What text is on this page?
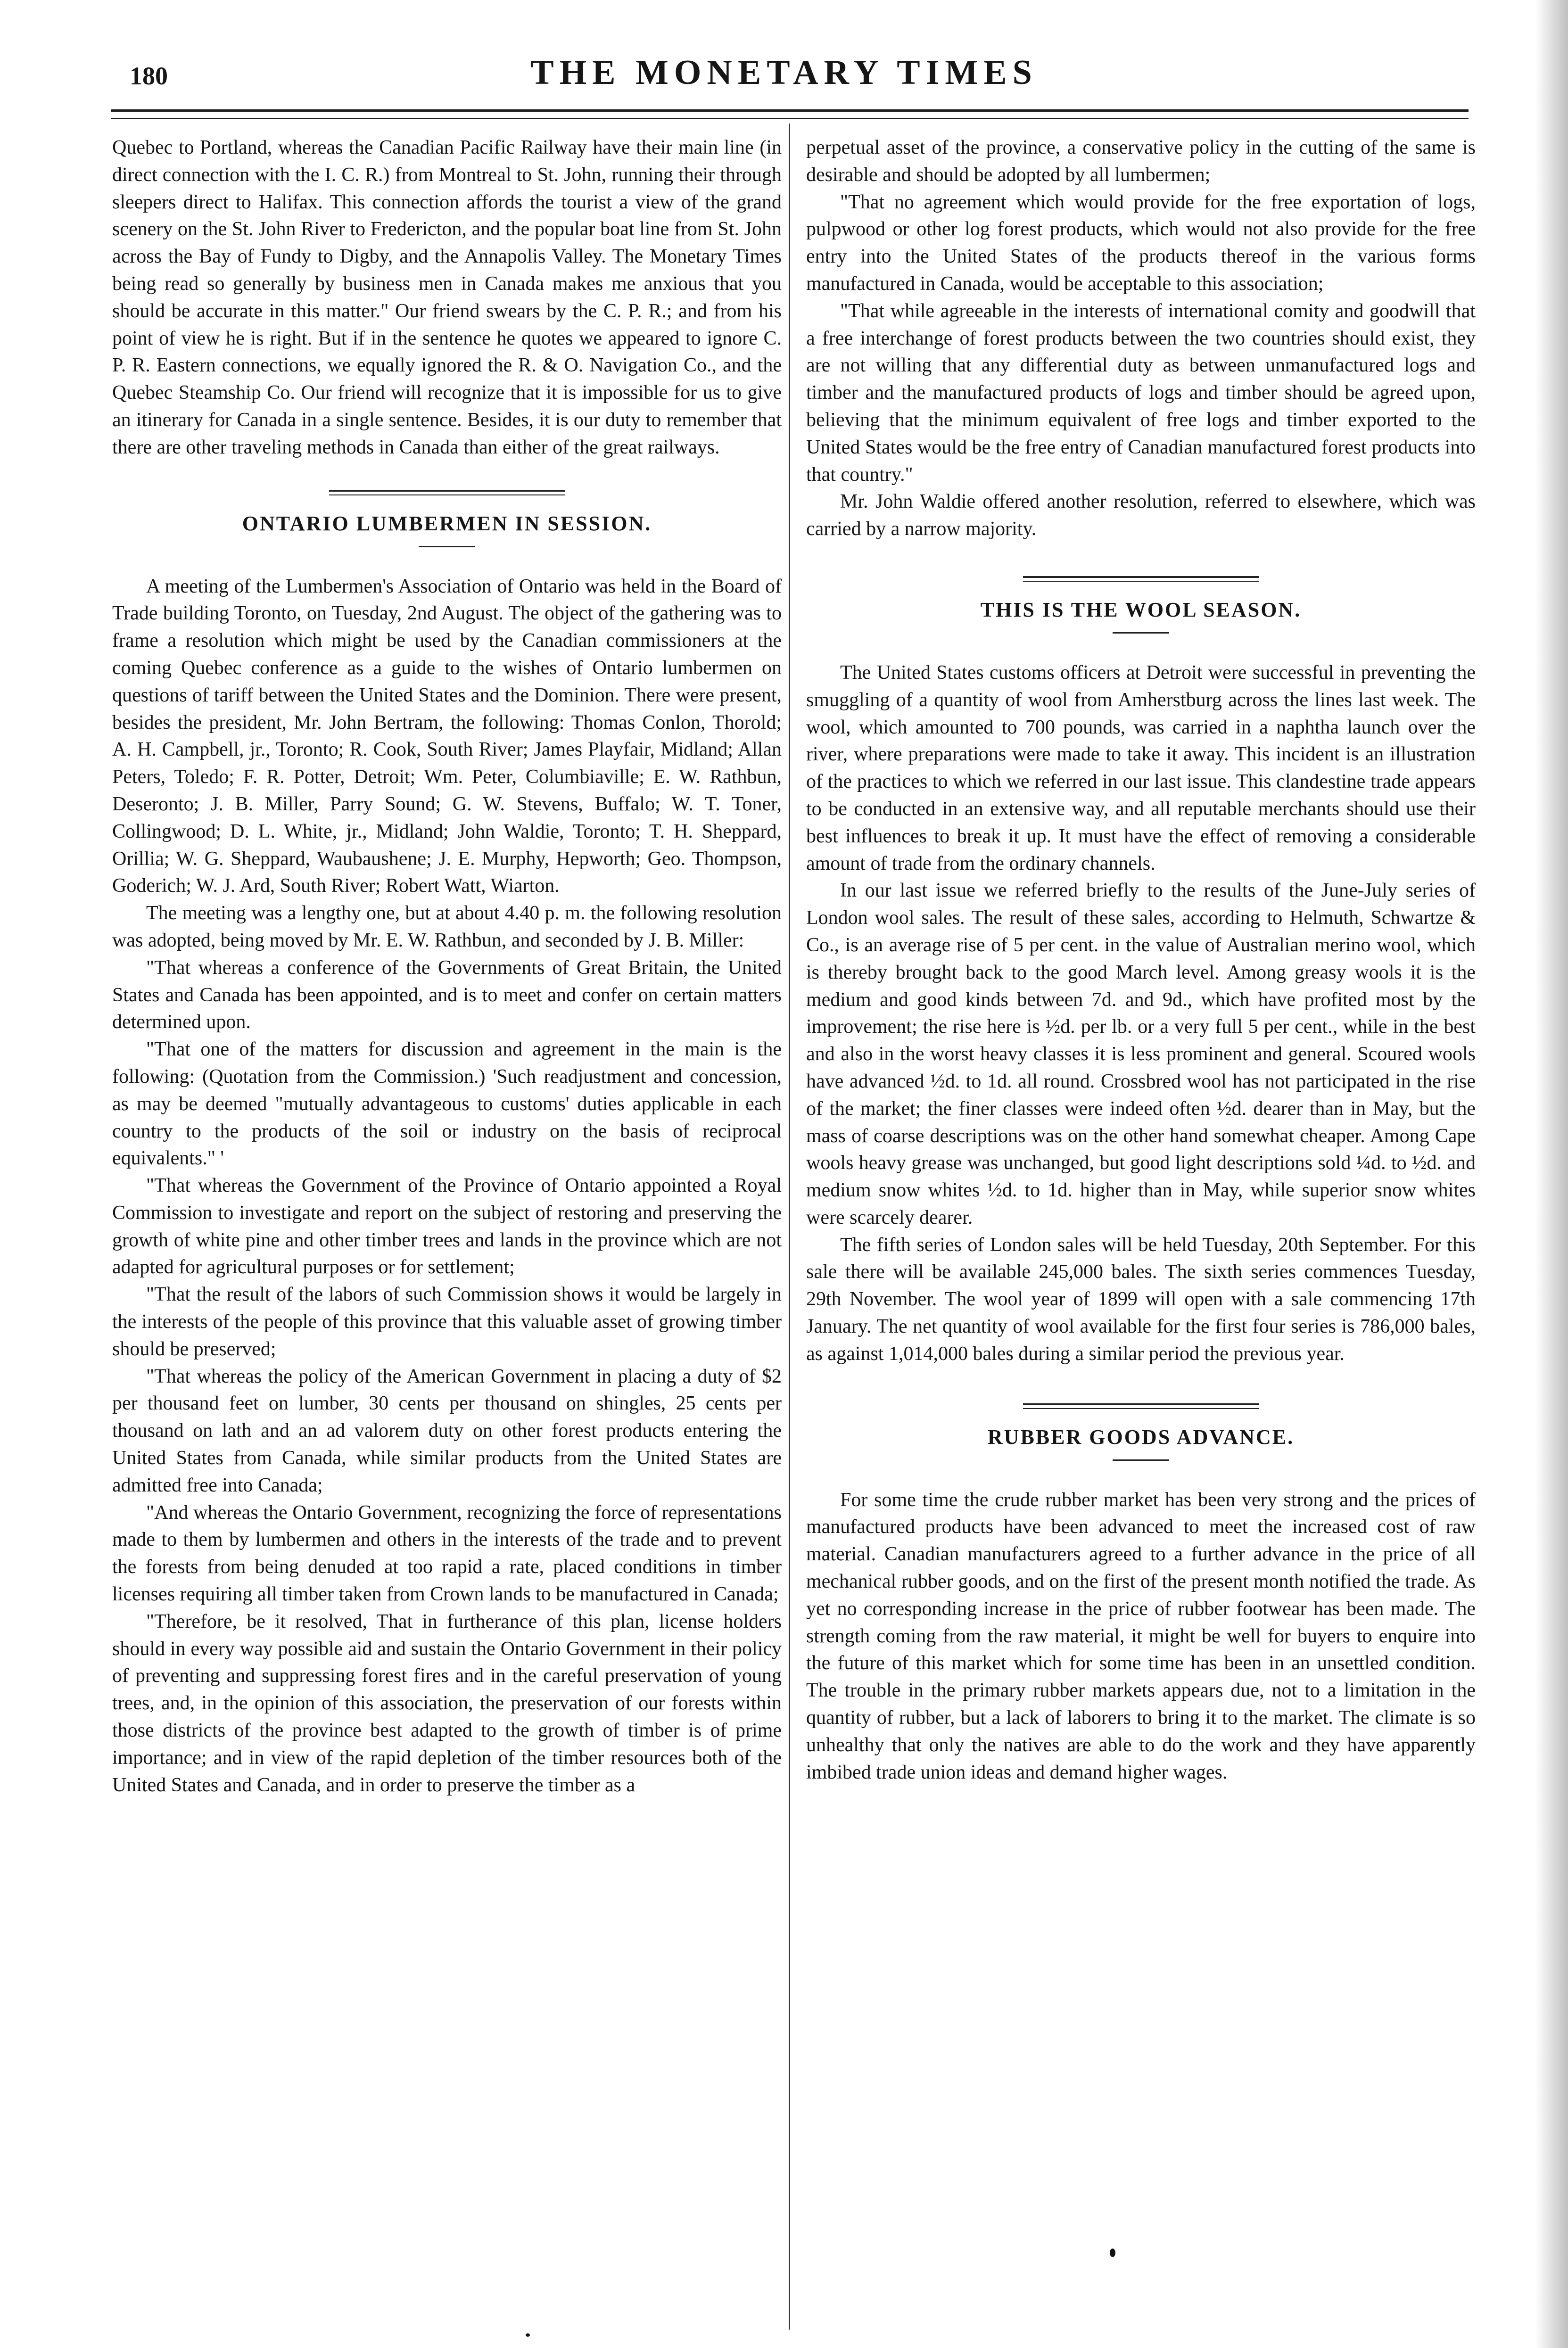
180	THE MONETARY TIMES

Quebec to Portland, whereas the Canadian Pacific Railway have their main line (in direct connection with the I. C. R.) from Montreal to St. John, running their through sleepers direct to Halifax. This connection affords the tourist a view of the grand scenery on the St. John River to Fredericton, and the popular boat line from St. John across the Bay of Fundy to Digby, and the Annapolis Valley. The Monetary Times being read so generally by business men in Canada makes me anxious that you should be accurate in this matter." Our friend swears by the C. P. R.; and from his point of view he is right. But if in the sentence he quotes we appeared to ignore C. P. R. Eastern connections, we equally ignored the R. & O. Navigation Co., and the Quebec Steamship Co. Our friend will recognize that it is impossible for us to give an itinerary for Canada in a single sentence. Besides, it is our duty to remember that there are other traveling methods in Canada than either of the great railways.

ONTARIO LUMBERMEN IN SESSION.

A meeting of the Lumbermen's Association of Ontario was held in the Board of Trade building Toronto, on Tuesday, 2nd August. The object of the gathering was to frame a resolution which might be used by the Canadian commissioners at the coming Quebec conference as a guide to the wishes of Ontario lumbermen on questions of tariff between the United States and the Dominion. There were present, besides the president, Mr. John Bertram, the following: Thomas Conlon, Thorold; A. H. Campbell, jr., Toronto; R. Cook, South River; James Playfair, Midland; Allan Peters, Toledo; F. R. Potter, Detroit; Wm. Peter, Columbiaville; E. W. Rathbun, Deseronto; J. B. Miller, Parry Sound; G. W. Stevens, Buffalo; W. T. Toner, Collingwood; D. L. White, jr., Midland; John Waldie, Toronto; T. H. Sheppard, Orillia; W. G. Sheppard, Waubaushene; J. E. Murphy, Hepworth; Geo. Thompson, Goderich; W. J. Ard, South River; Robert Watt, Wiarton.

The meeting was a lengthy one, but at about 4.40 p. m. the following resolution was adopted, being moved by Mr. E. W. Rathbun, and seconded by J. B. Miller:

"That whereas a conference of the Governments of Great Britain, the United States and Canada has been appointed, and is to meet and confer on certain matters determined upon.

"That one of the matters for discussion and agreement in the main is the following: (Quotation from the Commission.) 'Such readjustment and concession, as may be deemed "mutually advantageous to customs' duties applicable in each country to the products of the soil or industry on the basis of reciprocal equivalents." '

"That whereas the Government of the Province of Ontario appointed a Royal Commission to investigate and report on the subject of restoring and preserving the growth of white pine and other timber trees and lands in the province which are not adapted for agricultural purposes or for settlement;

"That the result of the labors of such Commission shows it would be largely in the interests of the people of this province that this valuable asset of growing timber should be preserved;

"That whereas the policy of the American Government in placing a duty of $2 per thousand feet on lumber, 30 cents per thousand on shingles, 25 cents per thousand on lath and an ad valorem duty on other forest products entering the United States from Canada, while similar products from the United States are admitted free into Canada;

"And whereas the Ontario Government, recognizing the force of representations made to them by lumbermen and others in the interests of the trade and to prevent the forests from being denuded at too rapid a rate, placed conditions in timber licenses requiring all timber taken from Crown lands to be manufactured in Canada;

"Therefore, be it resolved, That in furtherance of this plan, license holders should in every way possible aid and sustain the Ontario Government in their policy of preventing and suppressing forest fires and in the careful preservation of young trees, and, in the opinion of this association, the preservation of our forests within those districts of the province best adapted to the growth of timber is of prime importance; and in view of the rapid depletion of the timber resources both of the United States and Canada, and in order to preserve the timber as a

perpetual asset of the province, a conservative policy in the cutting of the same is desirable and should be adopted by all lumbermen;

"That no agreement which would provide for the free exportation of logs, pulpwood or other log forest products, which would not also provide for the free entry into the United States of the products thereof in the various forms manufactured in Canada, would be acceptable to this association;

"That while agreeable in the interests of international comity and goodwill that a free interchange of forest products between the two countries should exist, they are not willing that any differential duty as between unmanufactured logs and timber and the manufactured products of logs and timber should be agreed upon, believing that the minimum equivalent of free logs and timber exported to the United States would be the free entry of Canadian manufactured forest products into that country."

Mr. John Waldie offered another resolution, referred to elsewhere, which was carried by a narrow majority.

THIS IS THE WOOL SEASON.

The United States customs officers at Detroit were successful in preventing the smuggling of a quantity of wool from Amherstburg across the lines last week. The wool, which amounted to 700 pounds, was carried in a naphtha launch over the river, where preparations were made to take it away. This incident is an illustration of the practices to which we referred in our last issue. This clandestine trade appears to be conducted in an extensive way, and all reputable merchants should use their best influences to break it up. It must have the effect of removing a considerable amount of trade from the ordinary channels.

In our last issue we referred briefly to the results of the June-July series of London wool sales. The result of these sales, according to Helmuth, Schwartze & Co., is an average rise of 5 per cent. in the value of Australian merino wool, which is thereby brought back to the good March level. Among greasy wools it is the medium and good kinds between 7d. and 9d., which have profited most by the improvement; the rise here is ½d. per lb. or a very full 5 per cent., while in the best and also in the worst heavy classes it is less prominent and general. Scoured wools have advanced ½d. to 1d. all round. Crossbred wool has not participated in the rise of the market; the finer classes were indeed often ½d. dearer than in May, but the mass of coarse descriptions was on the other hand somewhat cheaper. Among Cape wools heavy grease was unchanged, but good light descriptions sold ¼d. to ½d. and medium snow whites ½d. to 1d. higher than in May, while superior snow whites were scarcely dearer.

The fifth series of London sales will be held Tuesday, 20th September. For this sale there will be available 245,000 bales. The sixth series commences Tuesday, 29th November. The wool year of 1899 will open with a sale commencing 17th January. The net quantity of wool available for the first four series is 786,000 bales, as against 1,014,000 bales during a similar period the previous year.

RUBBER GOODS ADVANCE.

For some time the crude rubber market has been very strong and the prices of manufactured products have been advanced to meet the increased cost of raw material. Canadian manufacturers agreed to a further advance in the price of all mechanical rubber goods, and on the first of the present month notified the trade. As yet no corresponding increase in the price of rubber footwear has been made. The strength coming from the raw material, it might be well for buyers to enquire into the future of this market which for some time has been in an unsettled condition. The trouble in the primary rubber markets appears due, not to a limitation in the quantity of rubber, but a lack of laborers to bring it to the market. The climate is so unhealthy that only the natives are able to do the work and they have apparently imbibed trade union ideas and demand higher wages.
